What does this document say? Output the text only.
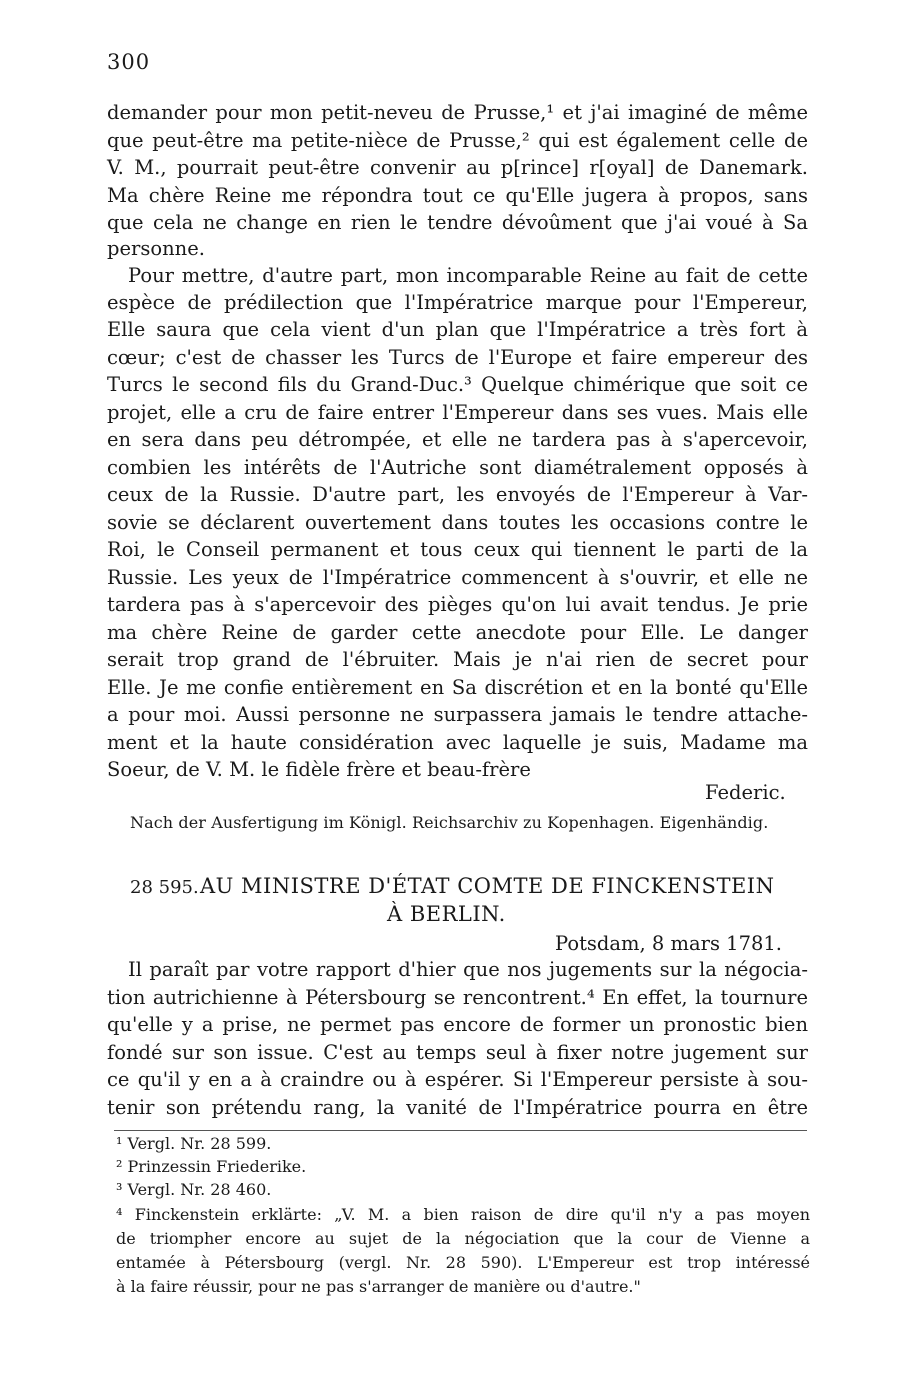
300
demander pour mon petit-neveu de Prusse,¹ et j'ai imaginé de même
que peut-être ma petite-nièce de Prusse,² qui est également celle de
V. M., pourrait peut-être convenir au p[rince] r[oyal] de Danemark.
Ma chère Reine me répondra tout ce qu'Elle jugera à propos, sans
que cela ne change en rien le tendre dévoûment que j'ai voué à Sa
personne.
Pour mettre, d'autre part, mon incomparable Reine au fait de cette
espèce de prédilection que l'Impératrice marque pour l'Empereur,
Elle saura que cela vient d'un plan que l'Impératrice a très fort à
cœur; c'est de chasser les Turcs de l'Europe et faire empereur des
Turcs le second fils du Grand-Duc.³ Quelque chimérique que soit ce
projet, elle a cru de faire entrer l'Empereur dans ses vues. Mais elle
en sera dans peu détrompée, et elle ne tardera pas à s'apercevoir,
combien les intérêts de l'Autriche sont diamétralement opposés à
ceux de la Russie. D'autre part, les envoyés de l'Empereur à Var-
sovie se déclarent ouvertement dans toutes les occasions contre le
Roi, le Conseil permanent et tous ceux qui tiennent le parti de la
Russie. Les yeux de l'Impératrice commencent à s'ouvrir, et elle ne
tardera pas à s'apercevoir des pièges qu'on lui avait tendus. Je prie
ma chère Reine de garder cette anecdote pour Elle. Le danger
serait trop grand de l'ébruiter. Mais je n'ai rien de secret pour
Elle. Je me confie entièrement en Sa discrétion et en la bonté qu'Elle
a pour moi. Aussi personne ne surpassera jamais le tendre attache-
ment et la haute considération avec laquelle je suis, Madame ma
Soeur, de V. M. le fidèle frère et beau-frère
Federic.
Nach der Ausfertigung im Königl. Reichsarchiv zu Kopenhagen. Eigenhändig.
28 595. AU MINISTRE D'ÉTAT COMTE DE FINCKENSTEIN
À BERLIN.
Potsdam, 8 mars 1781.
Il paraît par votre rapport d'hier que nos jugements sur la négocia-
tion autrichienne à Pétersbourg se rencontrent.⁴ En effet, la tournure
qu'elle y a prise, ne permet pas encore de former un pronostic bien
fondé sur son issue. C'est au temps seul à fixer notre jugement sur
ce qu'il y en a à craindre ou à espérer. Si l'Empereur persiste à sou-
tenir son prétendu rang, la vanité de l'Impératrice pourra en être
¹ Vergl. Nr. 28 599.
² Prinzessin Friederike.
³ Vergl. Nr. 28 460.
⁴ Finckenstein erklärte: „V. M. a bien raison de dire qu'il n'y a pas moyen
de triompher encore au sujet de la négociation que la cour de Vienne a
entamée à Pétersbourg (vergl. Nr. 28 590). L'Empereur est trop intéressé
à la faire réussir, pour ne pas s'arranger de manière ou d'autre."
